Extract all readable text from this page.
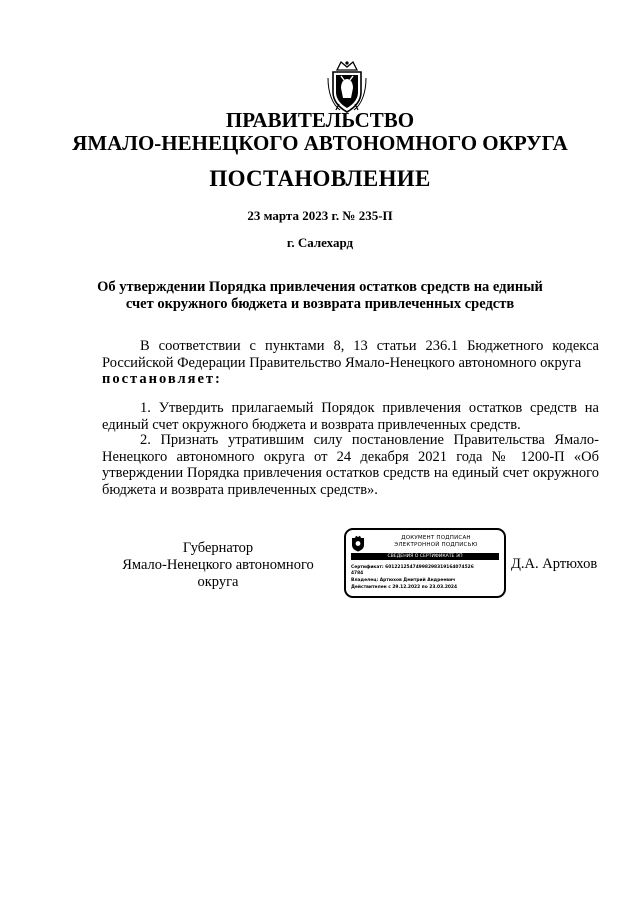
ПРАВИТЕЛЬСТВО
ЯМАЛО-НЕНЕЦКОГО АВТОНОМНОГО ОКРУГА
ПОСТАНОВЛЕНИЕ
23 марта 2023 г. № 235-П
г. Салехард
Об утверждении Порядка привлечения остатков средств на единый
счет окружного бюджета и возврата привлеченных средств
В соответствии с пунктами 8, 13 статьи 236.1 Бюджетного кодекса Российской Федерации Правительство Ямало-Ненецкого автономного округа
постановляет:
1. Утвердить прилагаемый Порядок привлечения остатков средств на единый счет окружного бюджета и возврата привлеченных средств.
2. Признать утратившим силу постановление Правительства Ямало-Ненецкого автономного округа от 24 декабря 2021 года № 1200-П «Об утверждении Порядка привлечения остатков средств на единый счет окружного бюджета и возврата привлеченных средств».
Губернатор
Ямало-Ненецкого автономного округа
ДОКУМЕНТ ПОДПИСАН
ЭЛЕКТРОННОЙ ПОДПИСЬЮ
СВЕДЕНИЯ О СЕРТИФИКАТЕ ЭП
Сертификат: 60122125474998298319164074526
4784
Владелец: Артюхов Дмитрий Андреевич
Действителен с 29.12.2022 по 23.03.2024
Д.А. Артюхов
